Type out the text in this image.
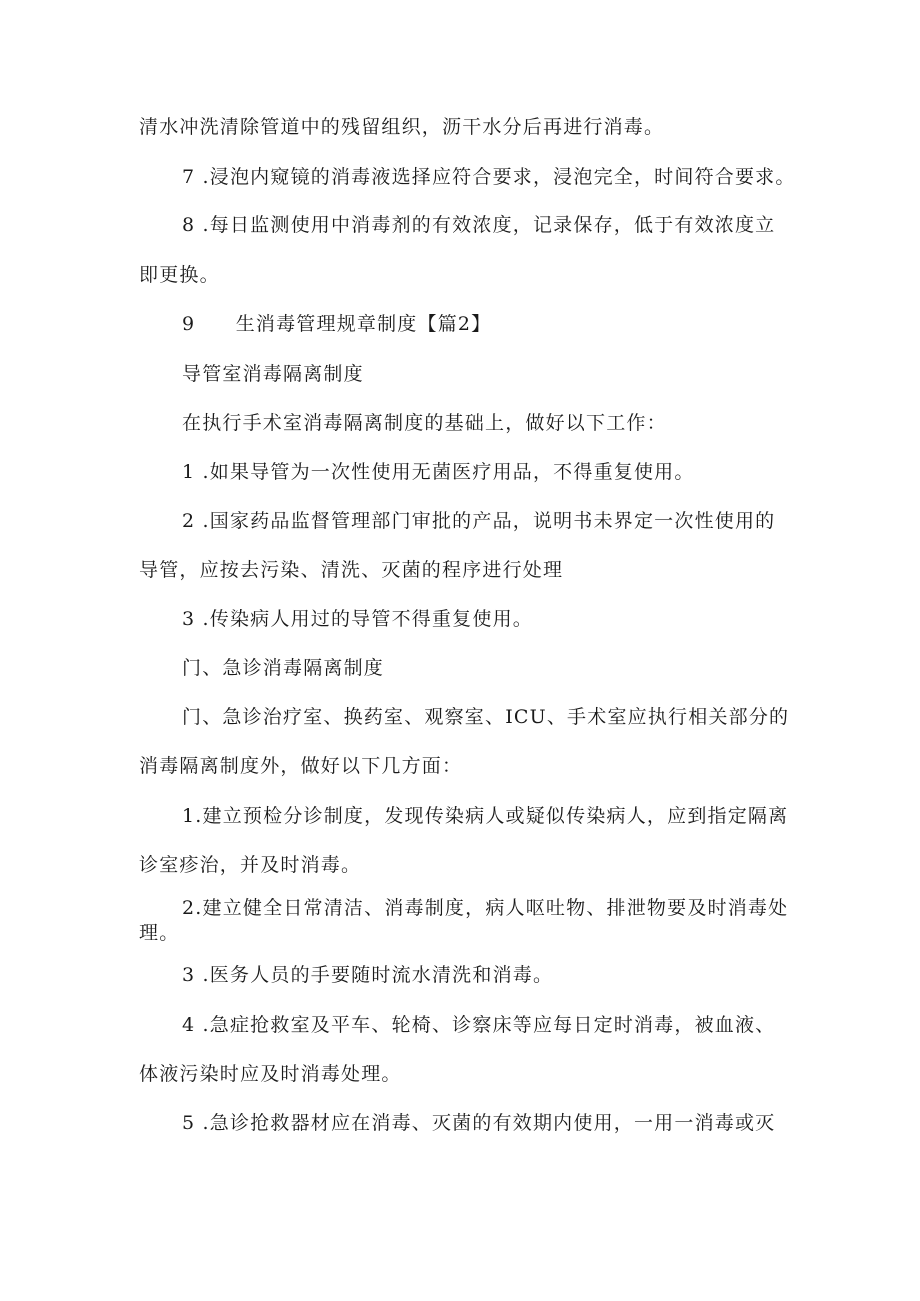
清水冲洗清除管道中的残留组织，沥干水分后再进行消毒。
7 .浸泡内窥镜的消毒液选择应符合要求，浸泡完全，时间符合要求。
8 .每日监测使用中消毒剂的有效浓度，记录保存，低于有效浓度立
即更换。
9　　生消毒管理规章制度【篇2】
导管室消毒隔离制度
在执行手术室消毒隔离制度的基础上，做好以下工作：
1 .如果导管为一次性使用无菌医疗用品，不得重复使用。
2 .国家药品监督管理部门审批的产品，说明书未界定一次性使用的
导管，应按去污染、清洗、灭菌的程序进行处理
3 .传染病人用过的导管不得重复使用。
门、急诊消毒隔离制度
门、急诊治疗室、换药室、观察室、ICU、手术室应执行相关部分的
消毒隔离制度外，做好以下几方面：
1.建立预检分诊制度，发现传染病人或疑似传染病人，应到指定隔离
诊室疹治，并及时消毒。
2.建立健全日常清洁、消毒制度，病人呕吐物、排泄物要及时消毒处
理。
3 .医务人员的手要随时流水清洗和消毒。
4 .急症抢救室及平车、轮椅、诊察床等应每日定时消毒，被血液、
体液污染时应及时消毒处理。
5 .急诊抢救器材应在消毒、灭菌的有效期内使用，一用一消毒或灭
